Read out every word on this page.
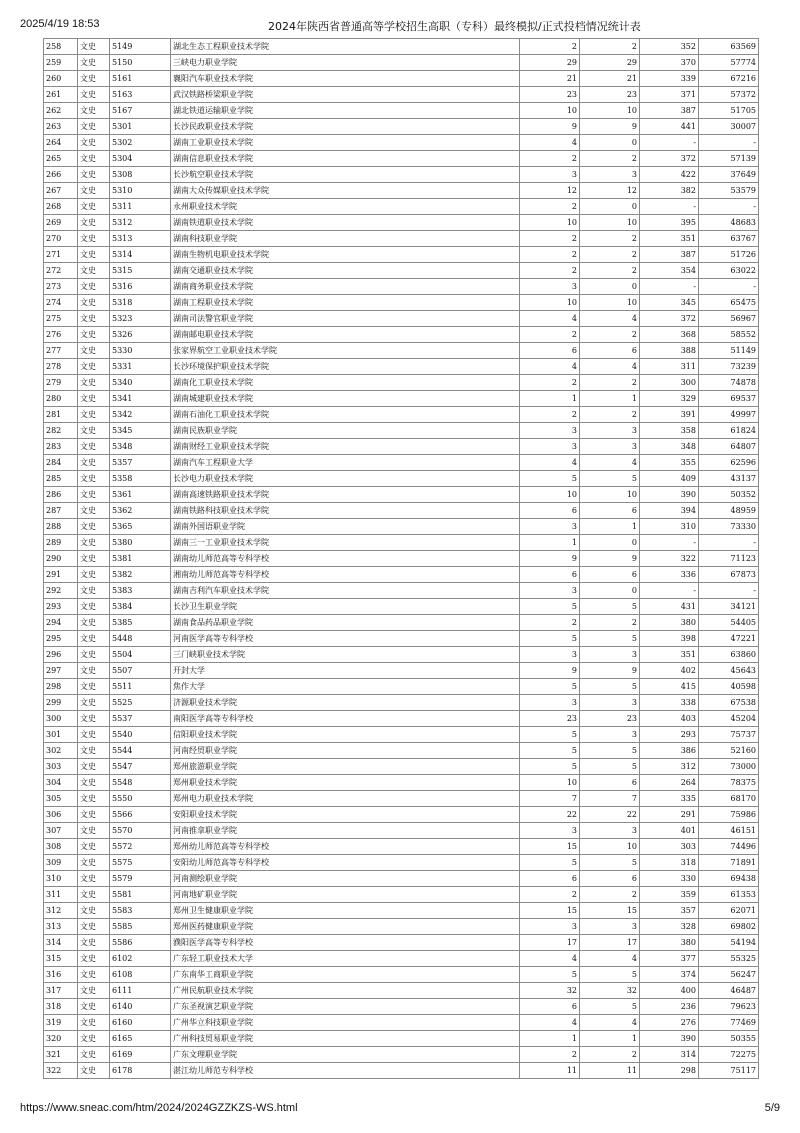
2025/4/19 18:53	2024年陕西省普通高等学校招生高职（专科）最终模拟/正式投档情况统计表
258	文史	5149	湖北生态工程职业技术学院	2	2	352	63569
259	文史	5150	三峡电力职业学院	29	29	370	57774
260	文史	5161	襄阳汽车职业技术学院	21	21	339	67216
261	文史	5163	武汉铁路桥梁职业学院	23	23	371	57372
262	文史	5167	湖北铁道运输职业学院	10	10	387	51705
263	文史	5301	长沙民政职业技术学院	9	9	441	30007
264	文史	5302	湖南工业职业技术学院	4	0	-	-
265	文史	5304	湖南信息职业技术学院	2	2	372	57139
266	文史	5308	长沙航空职业技术学院	3	3	422	37649
267	文史	5310	湖南大众传媒职业技术学院	12	12	382	53579
268	文史	5311	永州职业技术学院	2	0	-	-
269	文史	5312	湖南铁道职业技术学院	10	10	395	48683
270	文史	5313	湖南科技职业学院	2	2	351	63767
271	文史	5314	湖南生物机电职业技术学院	2	2	387	51726
272	文史	5315	湖南交通职业技术学院	2	2	354	63022
273	文史	5316	湖南商务职业技术学院	3	0	-	-
274	文史	5318	湖南工程职业技术学院	10	10	345	65475
275	文史	5323	湖南司法警官职业学院	4	4	372	56967
276	文史	5326	湖南邮电职业技术学院	2	2	368	58552
277	文史	5330	张家界航空工业职业技术学院	6	6	388	51149
278	文史	5331	长沙环境保护职业技术学院	4	4	311	73239
279	文史	5340	湖南化工职业技术学院	2	2	300	74878
280	文史	5341	湖南城建职业技术学院	1	1	329	69537
281	文史	5342	湖南石油化工职业技术学院	2	2	391	49997
282	文史	5345	湖南民族职业学院	3	3	358	61824
283	文史	5348	湖南财经工业职业技术学院	3	3	348	64807
284	文史	5357	湖南汽车工程职业大学	4	4	355	62596
285	文史	5358	长沙电力职业技术学院	5	5	409	43137
286	文史	5361	湖南高速铁路职业技术学院	10	10	390	50352
287	文史	5362	湖南铁路科技职业技术学院	6	6	394	48959
288	文史	5365	湖南外国语职业学院	3	1	310	73330
289	文史	5380	湖南三一工业职业技术学院	1	0	-	-
290	文史	5381	湖南幼儿师范高等专科学校	9	9	322	71123
291	文史	5382	湘南幼儿师范高等专科学校	6	6	336	67873
292	文史	5383	湖南吉利汽车职业技术学院	3	0	-	-
293	文史	5384	长沙卫生职业学院	5	5	431	34121
294	文史	5385	湖南食品药品职业学院	2	2	380	54405
295	文史	5448	河南医学高等专科学校	5	5	398	47221
296	文史	5504	三门峡职业技术学院	3	3	351	63860
297	文史	5507	开封大学	9	9	402	45643
298	文史	5511	焦作大学	5	5	415	40598
299	文史	5525	济源职业技术学院	3	3	338	67538
300	文史	5537	南阳医学高等专科学校	23	23	403	45204
301	文史	5540	信阳职业技术学院	5	3	293	75737
302	文史	5544	河南经贸职业学院	5	5	386	52160
303	文史	5547	郑州旅游职业学院	5	5	312	73000
304	文史	5548	郑州职业技术学院	10	6	264	78375
305	文史	5550	郑州电力职业技术学院	7	7	335	68170
306	文史	5566	安阳职业技术学院	22	22	291	75986
307	文史	5570	河南推拿职业学院	3	3	401	46151
308	文史	5572	郑州幼儿师范高等专科学校	15	10	303	74496
309	文史	5575	安阳幼儿师范高等专科学校	5	5	318	71891
310	文史	5579	河南测绘职业学院	6	6	330	69438
311	文史	5581	河南地矿职业学院	2	2	359	61353
312	文史	5583	郑州卫生健康职业学院	15	15	357	62071
313	文史	5585	郑州医药健康职业学院	3	3	328	69802
314	文史	5586	濮阳医学高等专科学校	17	17	380	54194
315	文史	6102	广东轻工职业技术大学	4	4	377	55325
316	文史	6108	广东南华工商职业学院	5	5	374	56247
317	文史	6111	广州民航职业技术学院	32	32	400	46487
318	文史	6140	广东圣视演艺职业学院	6	5	236	79623
319	文史	6160	广州华立科技职业学院	4	4	276	77469
320	文史	6165	广州科技贸易职业学院	1	1	390	50355
321	文史	6169	广东文理职业学院	2	2	314	72275
322	文史	6178	湛江幼儿师范专科学校	11	11	298	75117
https://www.sneac.com/htm/2024/2024GZZKZS-WS.html	5/9
